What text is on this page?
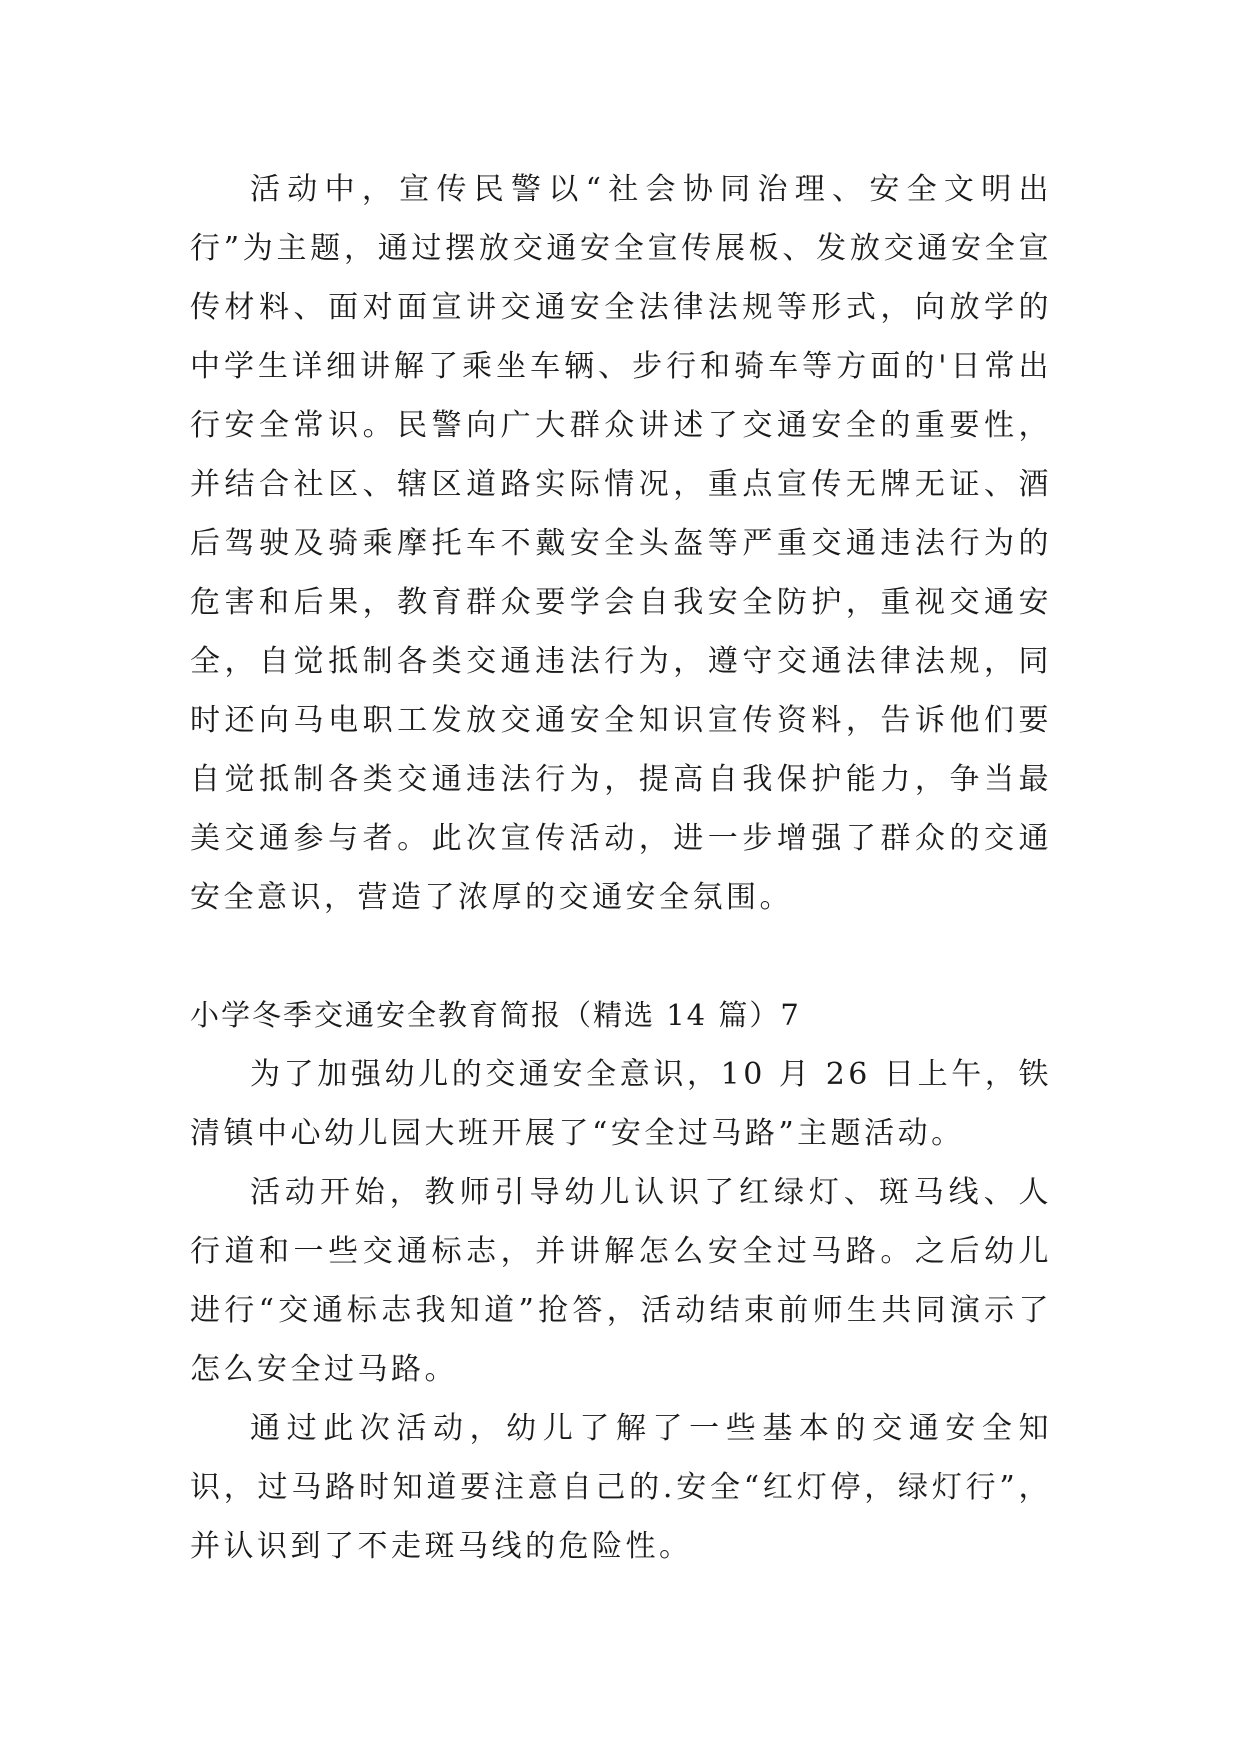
活动中，宣传民警以“社会协同治理、安全文明出行”为主题，通过摆放交通安全宣传展板、发放交通安全宣传材料、面对面宣讲交通安全法律法规等形式，向放学的中学生详细讲解了乘坐车辆、步行和骑车等方面的'日常出行安全常识。民警向广大群众讲述了交通安全的重要性，并结合社区、辖区道路实际情况，重点宣传无牌无证、酒后驾驶及骑乘摩托车不戴安全头盔等严重交通违法行为的危害和后果，教育群众要学会自我安全防护，重视交通安全，自觉抵制各类交通违法行为，遵守交通法律法规，同时还向马电职工发放交通安全知识宣传资料，告诉他们要自觉抵制各类交通违法行为，提高自我保护能力，争当最美交通参与者。此次宣传活动，进一步增强了群众的交通安全意识，营造了浓厚的交通安全氛围。

小学冬季交通安全教育简报（精选 14 篇）7

为了加强幼儿的交通安全意识，10 月 26 日上午，铁清镇中心幼儿园大班开展了“安全过马路”主题活动。

活动开始，教师引导幼儿认识了红绿灯、斑马线、人行道和一些交通标志，并讲解怎么安全过马路。之后幼儿进行“交通标志我知道”抢答，活动结束前师生共同演示了怎么安全过马路。

通过此次活动，幼儿了解了一些基本的交通安全知识，过马路时知道要注意自己的.安全“红灯停，绿灯行”，并认识到了不走斑马线的危险性。
